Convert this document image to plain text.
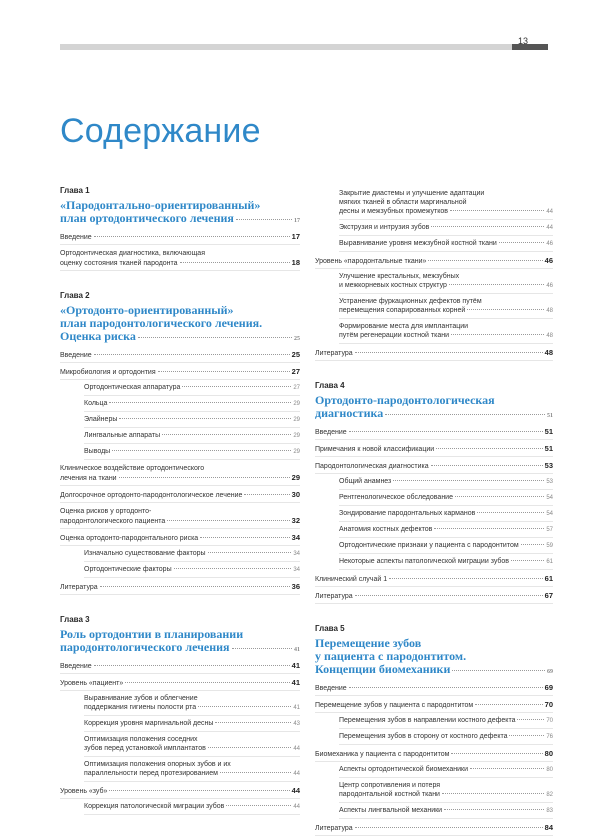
13
Содержание
Глава 1
«Пародонтально-ориентированный»
план ортодонтического лечения	17
Введение	17
Ортодонтическая диагностика, включающая
оценку состояния тканей пародонта	18
Глава 2
«Ортодонто-ориентированный»
план пародонтологического лечения.
Оценка риска	25
Введение	25
Микробиология и ортодонтия	27
Ортодонтическая аппаратура	27
Кольца	29
Элайнеры	29
Лингвальные аппараты	29
Выводы	29
Клиническое воздействие ортодонтического
лечения на ткани	29
Долгосрочное ортодонто-пародонтологическое лечение	30
Оценка рисков у ортодонто-
пародонтологического пациента	32
Оценка ортодонто-пародонтального риска	34
Изначально существование факторы	34
Ортодонтические факторы	34
Литература	36
Глава 3
Роль ортодонтии в планировании
пародонтологического лечения	41
Введение	41
Уровень «пациент»	41
Выравнивание зубов и облегчение
поддержания гигиены полости рта	41
Коррекция уровня маргинальной десны	43
Оптимизация положения соседних
зубов перед установкой имплантатов	44
Оптимизация положения опорных зубов и их
параллельности перед протезированием	44
Уровень «зуб»	44
Коррекция патологической миграции зубов	44
Закрытие диастемы и улучшение адаптации
мягких тканей в области маргинальной
десны и межзубных промежутков	44
Экструзия и интрузия зубов	44
Выравнивание уровня межзубной костной ткани	46
Уровень «пародонтальные ткани»	46
Улучшение крестальных, межзубных
и межкорневых костных структур	46
Устранение фуркационных дефектов путём
перемещения сопарированных корней	48
Формирование места для имплантации
путём регенерации костной ткани	48
Литература	48
Глава 4
Ортодонто-пародонтологическая
диагностика	51
Введение	51
Примечания к новой классификации	51
Пародонтологическая диагностика	53
Общий анамнез	53
Рентгенологическое обследование	54
Зондирование пародонтальных карманов	54
Анатомия костных дефектов	57
Ортодонтические признаки у пациента с пародонтитом	59
Некоторые аспекты патологической миграции зубов	61
Клинический случай 1	61
Литература	67
Глава 5
Перемещение зубов
у пациента с пародонтитом.
Концепции биомеханики	69
Введение	69
Перемещение зубов у пациента с пародонтитом	70
Перемещения зубов в направлении костного дефекта	70
Перемещения зубов в сторону от костного дефекта	76
Биомеханика у пациента с пародонтитом	80
Аспекты ортодонтической биомеханики	80
Центр сопротивления и потеря
пародонтальной костной ткани	82
Аспекты лингвальной механики	83
Литература	84
